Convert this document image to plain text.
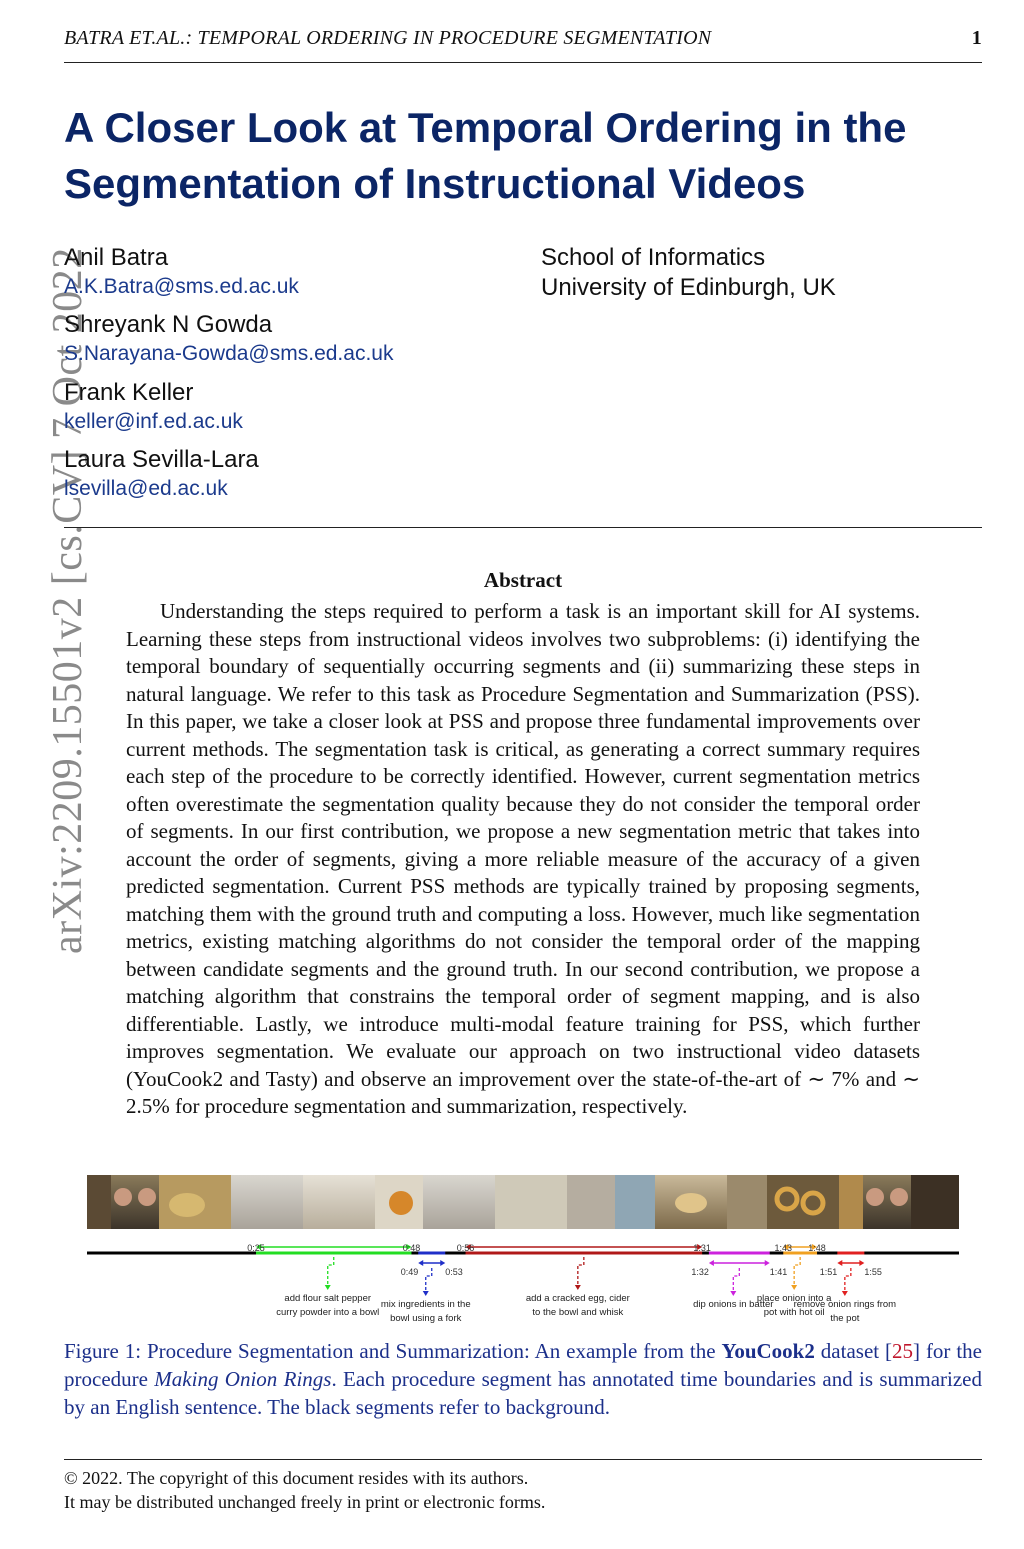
BATRA ET.AL.: TEMPORAL ORDERING IN PROCEDURE SEGMENTATION	1
arXiv:2209.15501v2 [cs.CV] 7 Oct 2022
A Closer Look at Temporal Ordering in the
Segmentation of Instructional Videos
Anil Batra
A.K.Batra@sms.ed.ac.uk
Shreyank N Gowda
S.Narayana-Gowda@sms.ed.ac.uk
Frank Keller
keller@inf.ed.ac.uk
Laura Sevilla-Lara
lsevilla@ed.ac.uk
School of Informatics
University of Edinburgh, UK
Abstract

Understanding the steps required to perform a task is an important skill for AI systems. Learning these steps from instructional videos involves two subproblems: (i) identifying the temporal boundary of sequentially occurring segments and (ii) summarizing these steps in natural language. We refer to this task as Procedure Segmentation and Summarization (PSS). In this paper, we take a closer look at PSS and propose three fundamental improvements over current methods. The segmentation task is critical, as generating a correct summary requires each step of the procedure to be correctly identified. However, current segmentation metrics often overestimate the segmentation quality because they do not consider the temporal order of segments. In our first contribution, we propose a new segmentation metric that takes into account the order of segments, giving a more reliable measure of the accuracy of a given predicted segmentation. Current PSS methods are typically trained by proposing segments, matching them with the ground truth and computing a loss. However, much like segmentation metrics, existing matching algorithms do not consider the temporal order of the mapping between candidate segments and the ground truth. In our second contribution, we propose a matching algorithm that constrains the temporal order of segment mapping, and is also differentiable. Lastly, we introduce multi-modal feature training for PSS, which further improves segmentation. We evaluate our approach on two instructional video datasets (YouCook2 and Tasty) and observe an improvement over the state-of-the-art of ∼ 7% and ∼ 2.5% for procedure segmentation and summarization, respectively.

0:25	0:48
add flour salt pepper
curry powder into a bowl
0:49	0:53
mix ingredients in the
bowl using a fork
0:56	1:31
add a cracked egg, cider
to the bowl and whisk
1:32	1:41
dip onions in batter
1:43 1:48
place onion into a
pot with hot oil
1:51	1:55
remove onion rings from
the pot

Figure 1: Procedure Segmentation and Summarization: An example from the YouCook2 dataset [25] for the procedure Making Onion Rings. Each procedure segment has annotated time boundaries and is summarized by an English sentence. The black segments refer to background.

© 2022. The copyright of this document resides with its authors.
It may be distributed unchanged freely in print or electronic forms.
